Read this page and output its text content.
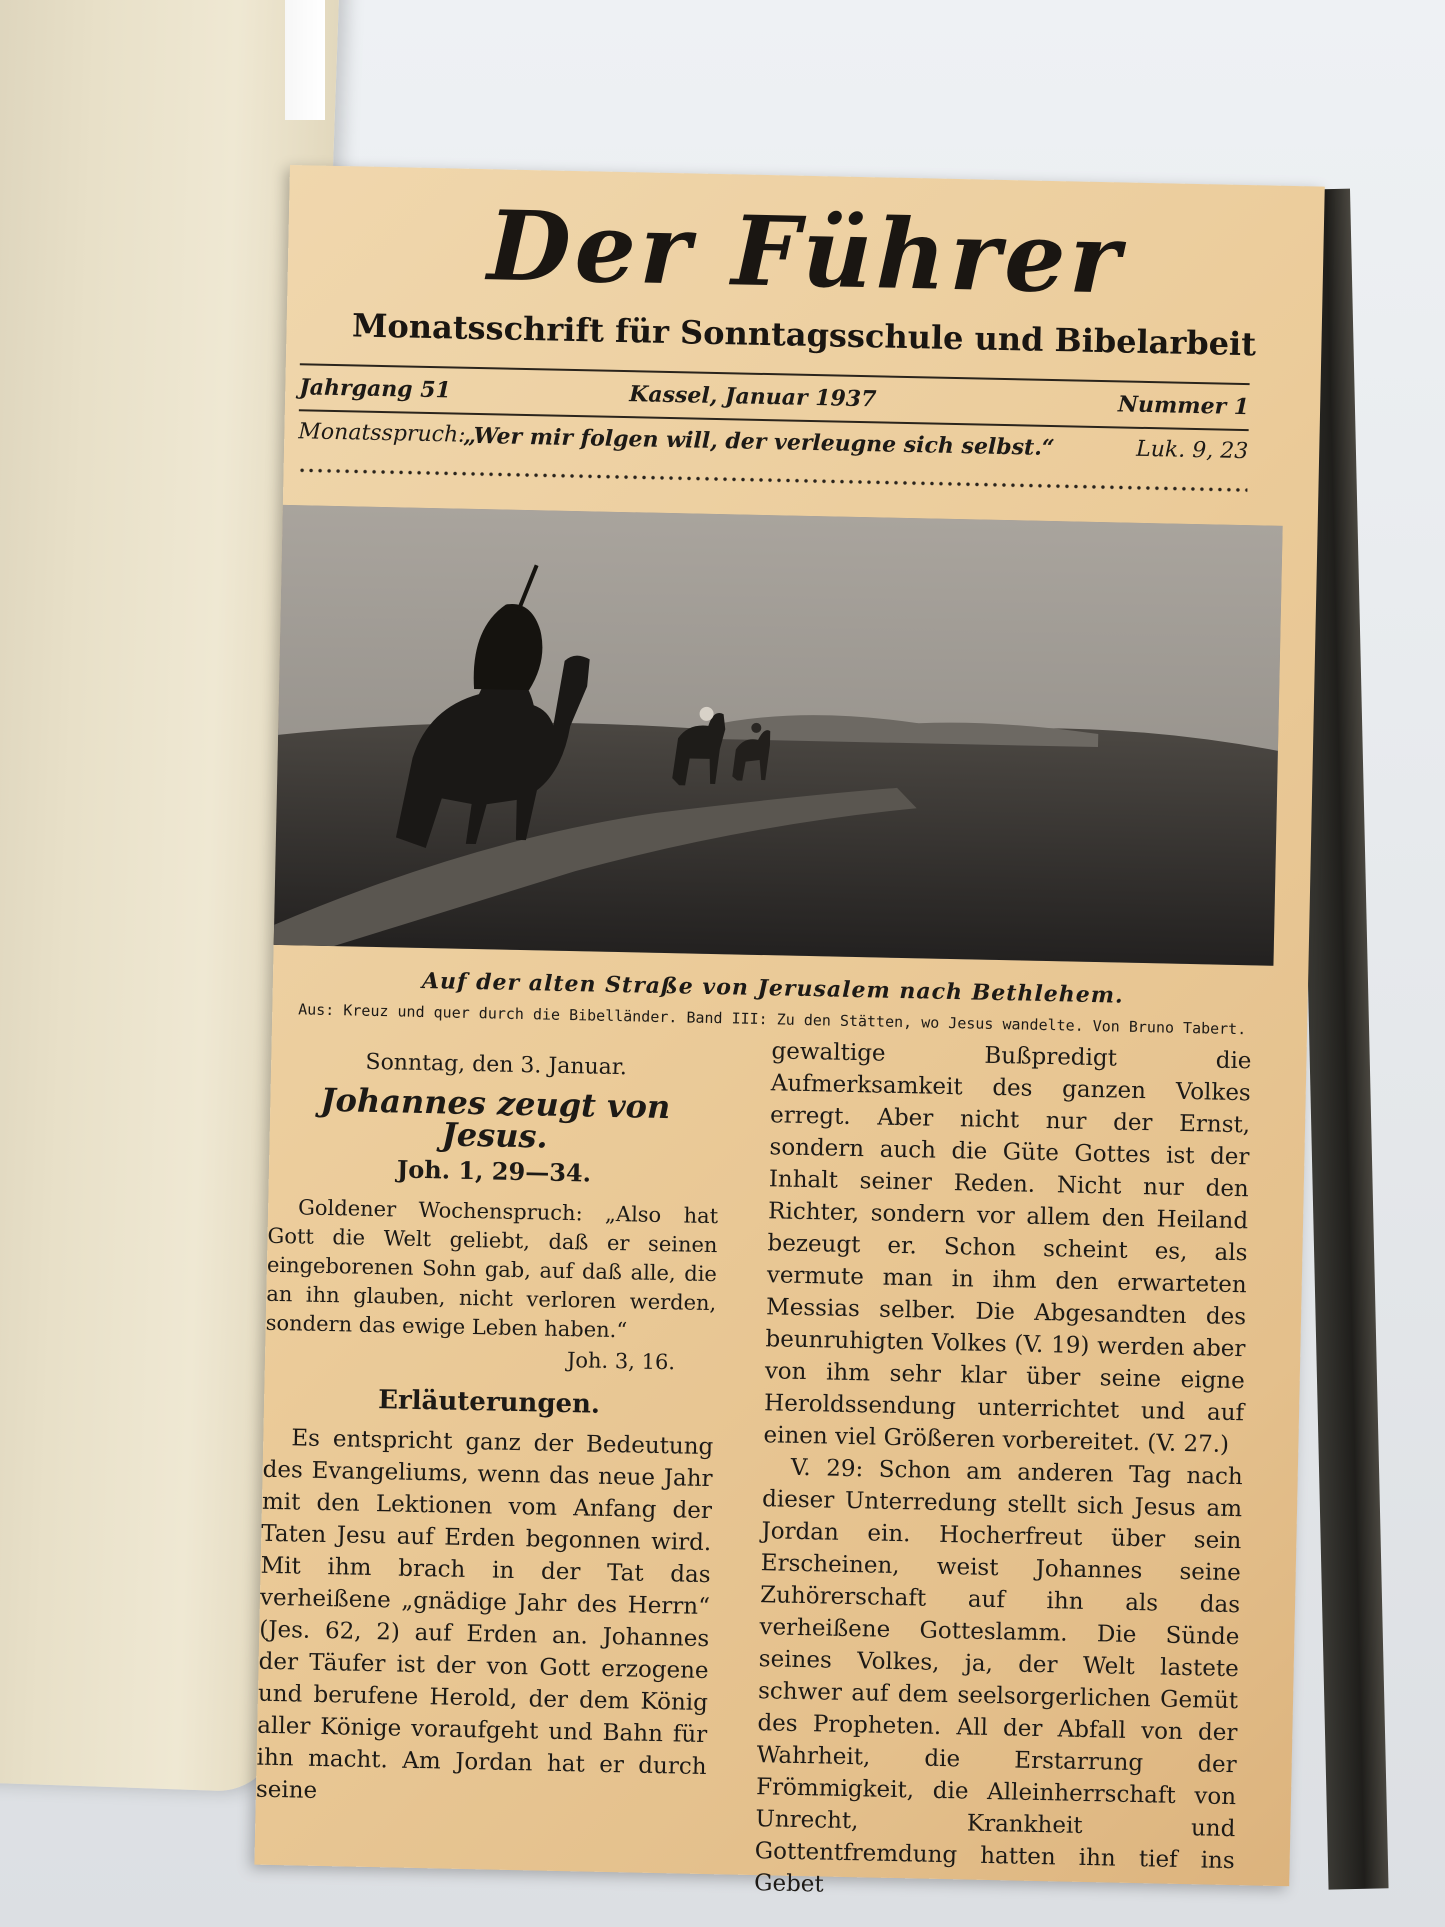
Der Führer
Monatsschrift für Sonntagsschule und Bibelarbeit
Jahrgang 51	Kassel, Januar 1937	Nummer 1
Monatsspruch:
„Wer mir folgen will, der verleugne sich selbst.“	Luk. 9, 23
Auf der alten Straße von Jerusalem nach Bethlehem.
Aus: Kreuz und quer durch die Bibelländer. Band III: Zu den Stätten, wo Jesus wandelte. Von Bruno Tabert.
Sonntag, den 3. Januar.
Johannes zeugt von Jesus.
Joh. 1, 29—34.
Goldener Wochenspruch: „Also hat Gott die Welt geliebt, daß er seinen eingeborenen Sohn gab, auf daß alle, die an ihn glauben, nicht verloren werden, sondern das ewige Leben haben.“
Joh. 3, 16.
Erläuterungen.
Es entspricht ganz der Bedeutung des Evangeliums, wenn das neue Jahr mit den Lektionen vom Anfang der Taten Jesu auf Erden begonnen wird. Mit ihm brach in der Tat das verheißene „gnädige Jahr des Herrn“ (Jes. 62, 2) auf Erden an. Johannes der Täufer ist der von Gott erzogene und berufene Herold, der dem König aller Könige voraufgeht und Bahn für ihn macht. Am Jordan hat er durch seine
gewaltige Bußpredigt die Aufmerksamkeit des ganzen Volkes erregt. Aber nicht nur der Ernst, sondern auch die Güte Gottes ist der Inhalt seiner Reden. Nicht nur den Richter, sondern vor allem den Heiland bezeugt er. Schon scheint es, als vermute man in ihm den erwarteten Messias selber. Die Abgesandten des beunruhigten Volkes (V. 19) werden aber von ihm sehr klar über seine eigne Heroldssendung unterrichtet und auf einen viel Größeren vorbereitet. (V. 27.)
V. 29: Schon am anderen Tag nach dieser Unterredung stellt sich Jesus am Jordan ein. Hocherfreut über sein Erscheinen, weist Johannes seine Zuhörerschaft auf ihn als das verheißene Gotteslamm. Die Sünde seines Volkes, ja, der Welt lastete schwer auf dem seelsorgerlichen Gemüt des Propheten. All der Abfall von der Wahrheit, die Erstarrung der Frömmigkeit, die Alleinherrschaft von Unrecht, Krankheit und Gottentfremdung hatten ihn tief ins Gebet
